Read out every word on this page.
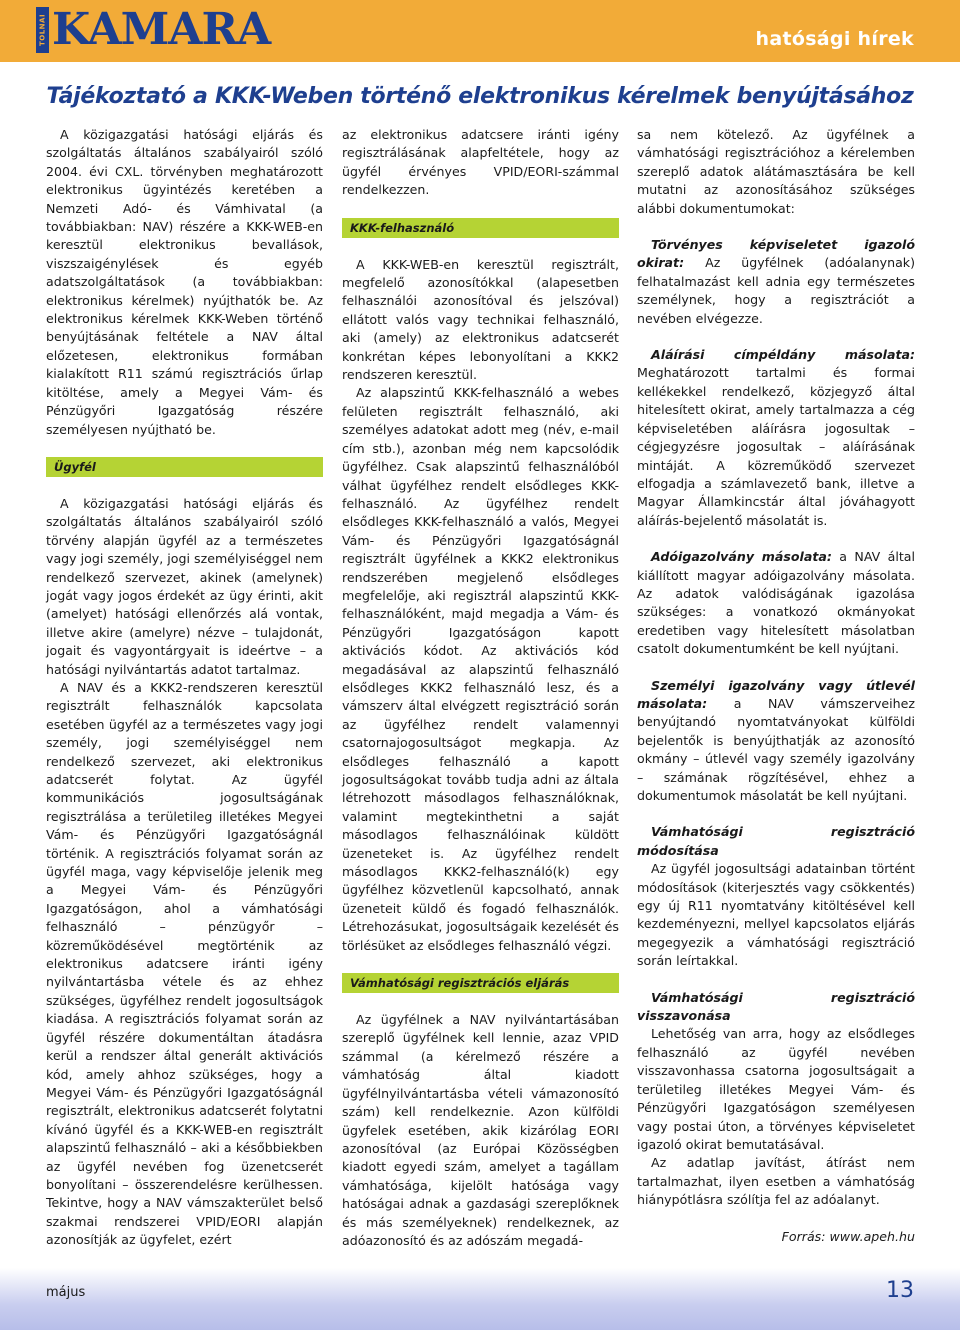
TOLNAI KAMARA	hatósági hírek
Tájékoztató a KKK-Weben történő elektronikus kérelmek benyújtásához

A közigazgatási hatósági eljárás és szolgáltatás általános szabályairól szóló 2004. évi CXL. törvényben meghatározott elektronikus ügyintézés keretében a Nemzeti Adó- és Vámhivatal (a továbbiakban: NAV) részére a KKK-WEB-en keresztül elektronikus bevallások, viszszaigénylések és egyéb adatszolgáltatások (a továbbiakban: elektronikus kérelmek) nyújthatók be. Az elektronikus kérelmek KKK-Weben történő benyújtásának feltétele a NAV által előzetesen, elektronikus formában kialakított R11 számú regisztrációs űrlap kitöltése, amely a Megyei Vám- és Pénzügyőri Igazgatóság részére személyesen nyújtható be.

Ügyfél

A közigazgatási hatósági eljárás és szolgáltatás általános szabályairól szóló törvény alapján ügyfél az a természetes vagy jogi személy, jogi személyiséggel nem rendelkező szervezet, akinek (amelynek) jogát vagy jogos érdekét az ügy érinti, akit (amelyet) hatósági ellenőrzés alá vontak, illetve akire (amelyre) nézve – tulajdonát, jogait és vagyontárgyait is ideértve – a hatósági nyilvántartás adatot tartalmaz.

A NAV és a KKK2-rendszeren keresztül regisztrált felhasználók kapcsolata esetében ügyfél az a természetes vagy jogi személy, jogi személyiséggel nem rendelkező szervezet, aki elektronikus adatcserét folytat. Az ügyfél kommunikációs jogosultságának regisztrálása a területileg illetékes Megyei Vám- és Pénzügyőri Igazgatóságnál történik. A regisztrációs folyamat során az ügyfél maga, vagy képviselője jelenik meg a Megyei Vám- és Pénzügyőri Igazgatóságon, ahol a vámhatósági felhasználó – pénzügyőr – közreműködésével megtörténik az elektronikus adatcsere iránti igény nyilvántartásba vétele és az ehhez szükséges, ügyfélhez rendelt jogosultságok kiadása. A regisztrációs folyamat során az ügyfél részére dokumentáltan átadásra kerül a rendszer által generált aktivációs kód, amely ahhoz szükséges, hogy a Megyei Vám- és Pénzügyőri Igazgatóságnál regisztrált, elektronikus adatcserét folytatni kívánó ügyfél és a KKK-WEB-en regisztrált alapszintű felhasználó – aki a későbbiekben az ügyfél nevében fog üzenetcserét bonyolítani – összerendelésre kerülhessen. Tekintve, hogy a NAV vámszakterület belső szakmai rendszerei VPID/EORI alapján azonosítják az ügyfelet, ezért

az elektronikus adatcsere iránti igény regisztrálásának alapfeltétele, hogy az ügyfél érvényes VPID/EORI-számmal rendelkezzen.

KKK-felhasználó

A KKK-WEB-en keresztül regisztrált, megfelelő azonosítókkal (alapesetben felhasználói azonosítóval és jelszóval) ellátott valós vagy technikai felhasználó, aki (amely) az elektronikus adatcserét konkrétan képes lebonyolítani a KKK2 rendszeren keresztül.

Az alapszintű KKK-felhasználó a webes felületen regisztrált felhasználó, aki személyes adatokat adott meg (név, e-mail cím stb.), azonban még nem kapcsolódik ügyfélhez. Csak alapszintű felhasználóból válhat ügyfélhez rendelt elsődleges KKK-felhasználó. Az ügyfélhez rendelt elsődleges KKK-felhasználó a valós, Megyei Vám- és Pénzügyőri Igazgatóságnál regisztrált ügyfélnek a KKK2 elektronikus rendszerében megjelenő elsődleges megfelelője, aki regisztrál alapszintű KKK-felhasználóként, majd megadja a Vám- és Pénzügyőri Igazgatóságon kapott aktivációs kódot. Az aktivációs kód megadásával az alapszintű felhasználó elsődleges KKK2 felhasználó lesz, és a vámszerv által elvégzett regisztráció során az ügyfélhez rendelt valamennyi csatornajogosultságot megkapja. Az elsődleges felhasználó a kapott jogosultságokat tovább tudja adni az általa létrehozott másodlagos felhasználóknak, valamint megtekinthetni a saját másodlagos felhasználóinak küldött üzeneteket is. Az ügyfélhez rendelt másodlagos KKK2-felhasználó(k) egy ügyfélhez közvetlenül kapcsolható, annak üzeneteit küldő és fogadó felhasználók. Létrehozásukat, jogosultságaik kezelését és törlésüket az elsődleges felhasználó végzi.

Vámhatósági regisztrációs eljárás

Az ügyfélnek a NAV nyilvántartásában szereplő ügyfélnek kell lennie, azaz VPID számmal (a kérelmező részére a vámhatóság által kiadott ügyfélnyilvántartásba vételi vámazonosító szám) kell rendelkeznie. Azon külföldi ügyfelek esetében, akik kizárólag EORI azonosítóval (az Európai Közösségben kiadott egyedi szám, amelyet a tagállam vámhatósága, kijelölt hatósága vagy hatóságai adnak a gazdasági szereplőknek és más személyeknek) rendelkeznek, az adóazonosító és az adószám megadá-

sa nem kötelező. Az ügyfélnek a vámhatósági regisztrációhoz a kérelemben szereplő adatok alátámasztására be kell mutatni az azonosításához szükséges alábbi dokumentumokat:

Törvényes képviseletet igazoló okirat: Az ügyfélnek (adóalanynak) felhatalmazást kell adnia egy természetes személynek, hogy a regisztrációt a nevében elvégezze.

Aláírási címpéldány másolata: Meghatározott tartalmi és formai kellékekkel rendelkező, közjegyző által hitelesített okirat, amely tartalmazza a cég képviseletében aláírásra jogosultak – cégjegyzésre jogosultak – aláírásának mintáját. A közreműködő szervezet elfogadja a számlavezető bank, illetve a Magyar Államkincstár által jóváhagyott aláírás-bejelentő másolatát is.

Adóigazolvány másolata: a NAV által kiállított magyar adóigazolvány másolata. Az adatok valódiságának igazolása szükséges: a vonatkozó okmányokat eredetiben vagy hitelesített másolatban csatolt dokumentumként be kell nyújtani.

Személyi igazolvány vagy útlevél másolata: a NAV vámszerveihez benyújtandó nyomtatványokat külföldi bejelentők is benyújthatják az azonosító okmány – útlevél vagy személy igazolvány – számának rögzítésével, ehhez a dokumentumok másolatát be kell nyújtani.

Vámhatósági regisztráció módosítása

Az ügyfél jogosultsági adatainban történt módosítások (kiterjesztés vagy csökkentés) egy új R11 nyomtatvány kitöltésével kell kezdeményezni, mellyel kapcsolatos eljárás megegyezik a vámhatósági regisztráció során leírtakkal.

Vámhatósági regisztráció visszavonása

Lehetőség van arra, hogy az elsődleges felhasználó az ügyfél nevében visszavonhassa csatorna jogosultságait a területileg illetékes Megyei Vám- és Pénzügyőri Igazgatóságon személyesen vagy postai úton, a törvényes képviseletet igazoló okirat bemutatásával.

Az adatlap javítást, átírást nem tartalmazhat, ilyen esetben a vámhatóság hiánypótlásra szólítja fel az adóalanyt.

Forrás: www.apeh.hu
május	13
